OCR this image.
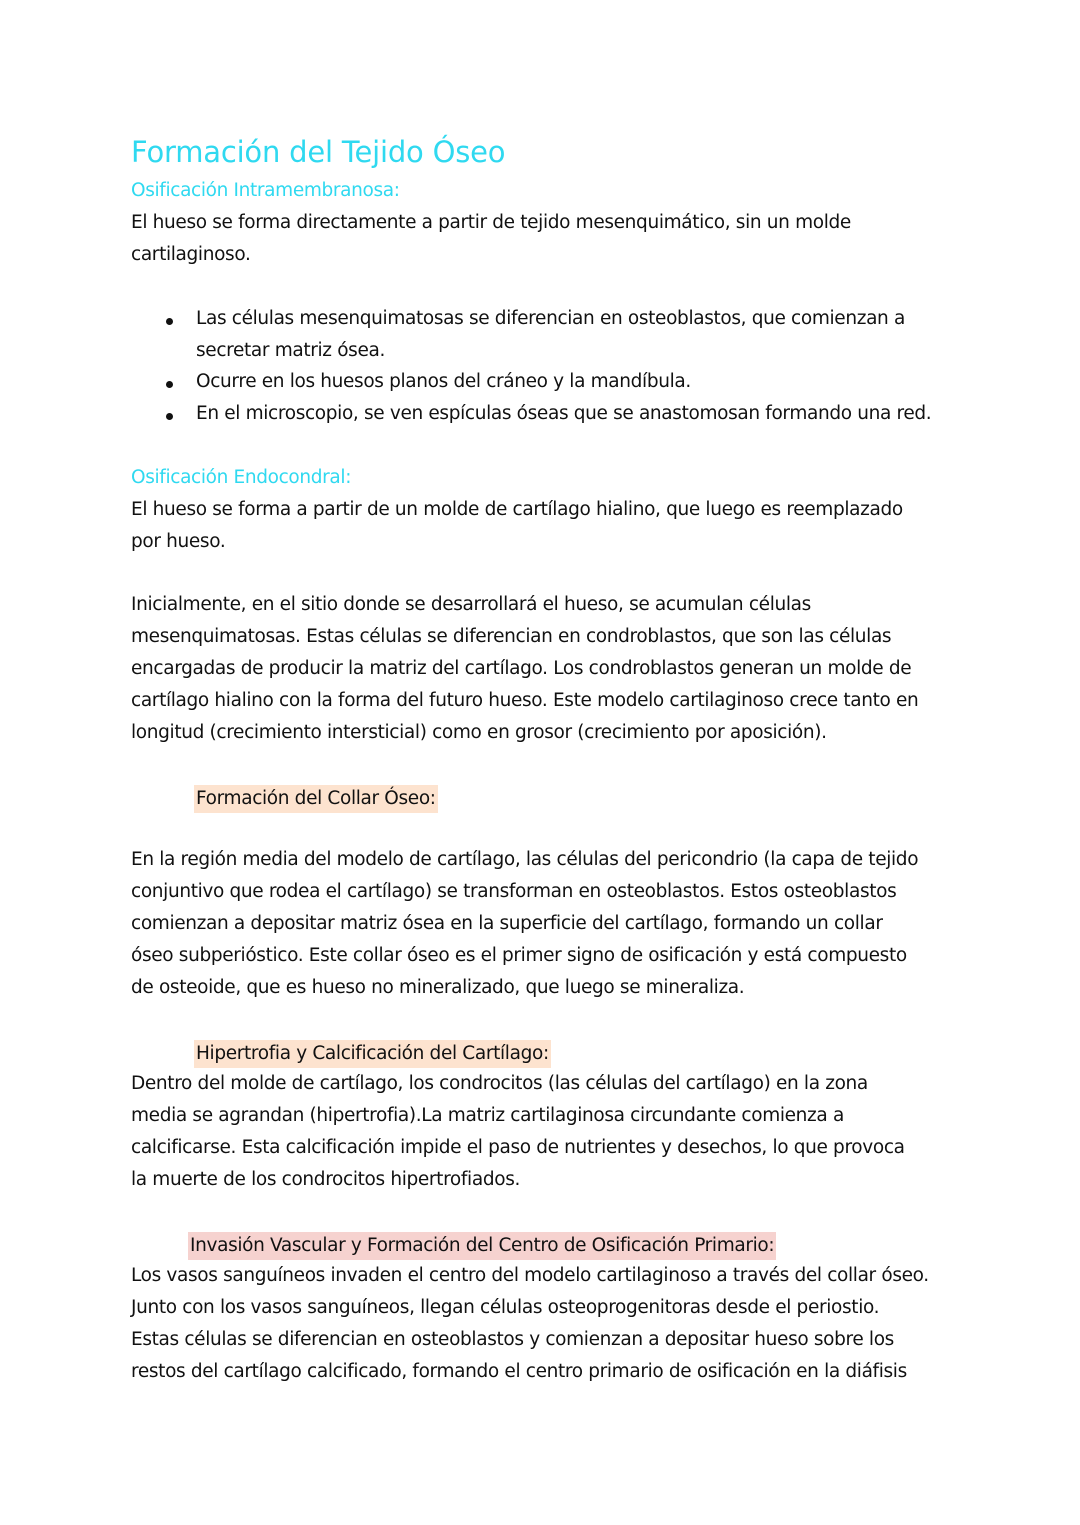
Formación del Tejido Óseo
Osificación Intramembranosa:
El hueso se forma directamente a partir de tejido mesenquimático, sin un molde
cartilaginoso.
Las células mesenquimatosas se diferencian en osteoblastos, que comienzan a
secretar matriz ósea.
Ocurre en los huesos planos del cráneo y la mandíbula.
En el microscopio, se ven espículas óseas que se anastomosan formando una red.
Osificación Endocondral:
El hueso se forma a partir de un molde de cartílago hialino, que luego es reemplazado
por hueso.
Inicialmente, en el sitio donde se desarrollará el hueso, se acumulan células
mesenquimatosas. Estas células se diferencian en condroblastos, que son las células
encargadas de producir la matriz del cartílago. Los condroblastos generan un molde de
cartílago hialino con la forma del futuro hueso. Este modelo cartilaginoso crece tanto en
longitud (crecimiento intersticial) como en grosor (crecimiento por aposición).
Formación del Collar Óseo:
En la región media del modelo de cartílago, las células del pericondrio (la capa de tejido
conjuntivo que rodea el cartílago) se transforman en osteoblastos. Estos osteoblastos
comienzan a depositar matriz ósea en la superficie del cartílago, formando un collar
óseo subperióstico. Este collar óseo es el primer signo de osificación y está compuesto
de osteoide, que es hueso no mineralizado, que luego se mineraliza.
Hipertrofia y Calcificación del Cartílago:
Dentro del molde de cartílago, los condrocitos (las células del cartílago) en la zona
media se agrandan (hipertrofia).La matriz cartilaginosa circundante comienza a
calcificarse. Esta calcificación impide el paso de nutrientes y desechos, lo que provoca
la muerte de los condrocitos hipertrofiados.
Invasión Vascular y Formación del Centro de Osificación Primario:
Los vasos sanguíneos invaden el centro del modelo cartilaginoso a través del collar óseo.
Junto con los vasos sanguíneos, llegan células osteoprogenitoras desde el periostio.
Estas células se diferencian en osteoblastos y comienzan a depositar hueso sobre los
restos del cartílago calcificado, formando el centro primario de osificación en la diáfisis
